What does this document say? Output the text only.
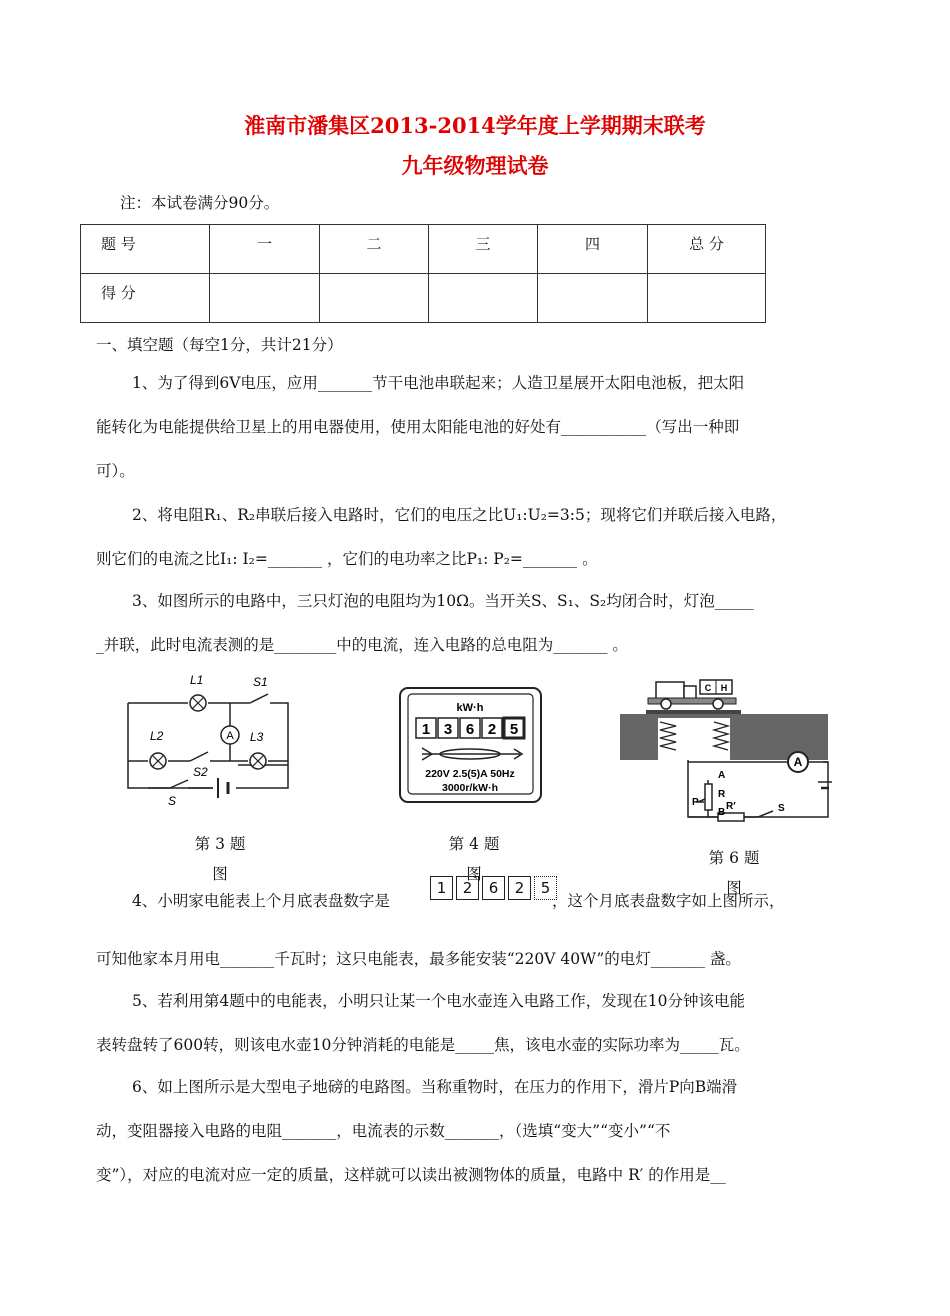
淮南市潘集区2013-2014学年度上学期期末联考
九年级物理试卷
注：本试卷满分90分。
题 号	一	二	三	四	总 分
得 分					
一、填空题（每空1分，共计21分）
1、为了得到6V电压，应用_______节干电池串联起来；人造卫星展开太阳电池板，把太阳
能转化为电能提供给卫星上的用电器使用，使用太阳能电池的好处有___________（写出一种即
可）。
2、将电阻R₁、R₂串联后接入电路时，它们的电压之比U₁:U₂=3:5；现将它们并联后接入电路，
则它们的电流之比I₁: I₂=_______ ，它们的电功率之比P₁: P₂=_______ 。
3、如图所示的电路中，三只灯泡的电阻均为10Ω。当开关S、S₁、S₂均闭合时，灯泡_____
_并联，此时电流表测的是________中的电流，连入电路的总电阻为_______ 。
A
L1	S1
L2	L3
S2
S
kW·h
1 3 6 2 5
220V 2.5(5)A 50Hz
3000r/kW·h
C H
A
A
R
B
P	R′	S
第 3 题
图
第 4 题
图
第 6 题
图
4、小明家电能表上个月底表盘数字是
1	2	6	2	5
，这个月底表盘数字如上图所示，
可知他家本月用电_______千瓦时；这只电能表，最多能安装“220V 40W”的电灯_______ 盏。
5、若利用第4题中的电能表，小明只让某一个电水壶连入电路工作，发现在10分钟该电能
表转盘转了600转，则该电水壶10分钟消耗的电能是_____焦，该电水壶的实际功率为_____瓦。
6、如上图所示是大型电子地磅的电路图。当称重物时，在压力的作用下，滑片P向B端滑
动，变阻器接入电路的电阻_______，电流表的示数_______，（选填“变大”“变小”“不
变”），对应的电流对应一定的质量，这样就可以读出被测物体的质量，电路中 R′ 的作用是__
